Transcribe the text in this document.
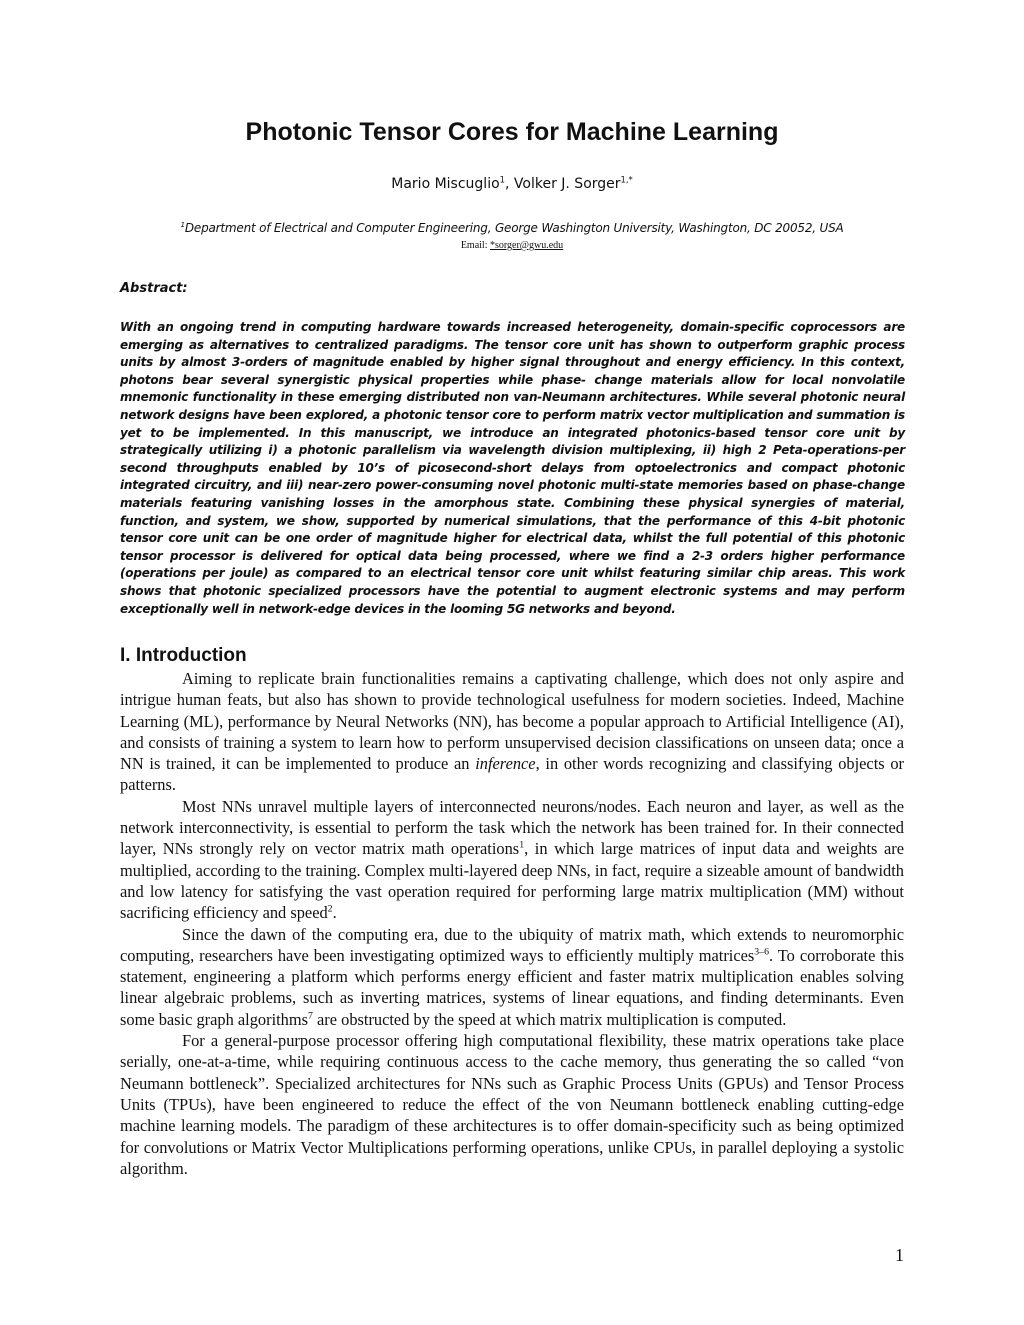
Photonic Tensor Cores for Machine Learning
Mario Miscuglio$^1$, Volker J. Sorger$^{1,*}$
$^1$Department of Electrical and Computer Engineering, George Washington University, Washington, DC 20052, USA
Email: *sorger@gwu.edu
Abstract:

With an ongoing trend in computing hardware towards increased heterogeneity, domain-specific coprocessors are emerging as alternatives to centralized paradigms. The tensor core unit has shown to outperform graphic process units by almost 3-orders of magnitude enabled by higher signal throughout and energy efficiency. In this context, photons bear several synergistic physical properties while phase- change materials allow for local nonvolatile mnemonic functionality in these emerging distributed non van-Neumann architectures. While several photonic neural network designs have been explored, a photonic tensor core to perform matrix vector multiplication and summation is yet to be implemented. In this manuscript, we introduce an integrated photonics-based tensor core unit by strategically utilizing i) a photonic parallelism via wavelength division multiplexing, ii) high 2 Peta-operations-per second throughputs enabled by 10’s of picosecond-short delays from optoelectronics and compact photonic integrated circuitry, and iii) near-zero power-consuming novel photonic multi-state memories based on phase-change materials featuring vanishing losses in the amorphous state. Combining these physical synergies of material, function, and system, we show, supported by numerical simulations, that the performance of this 4-bit photonic tensor core unit can be one order of magnitude higher for electrical data, whilst the full potential of this photonic tensor processor is delivered for optical data being processed, where we find a 2-3 orders higher performance (operations per joule) as compared to an electrical tensor core unit whilst featuring similar chip areas. This work shows that photonic specialized processors have the potential to augment electronic systems and may perform exceptionally well in network-edge devices in the looming 5G networks and beyond.

I. Introduction

Aiming to replicate brain functionalities remains a captivating challenge, which does not only aspire and intrigue human feats, but also has shown to provide technological usefulness for modern societies. Indeed, Machine Learning (ML), performance by Neural Networks (NN), has become a popular approach to Artificial Intelligence (AI), and consists of training a system to learn how to perform unsupervised decision classifications on unseen data; once a NN is trained, it can be implemented to produce an inference, in other words recognizing and classifying objects or patterns.

Most NNs unravel multiple layers of interconnected neurons/nodes. Each neuron and layer, as well as the network interconnectivity, is essential to perform the task which the network has been trained for. In their connected layer, NNs strongly rely on vector matrix math operations$^1$, in which large matrices of input data and weights are multiplied, according to the training. Complex multi-layered deep NNs, in fact, require a sizeable amount of bandwidth and low latency for satisfying the vast operation required for performing large matrix multiplication (MM) without sacrificing efficiency and speed$^2$.

Since the dawn of the computing era, due to the ubiquity of matrix math, which extends to neuromorphic computing, researchers have been investigating optimized ways to efficiently multiply matrices$^{3-6}$. To corroborate this statement, engineering a platform which performs energy efficient and faster matrix multiplication enables solving linear algebraic problems, such as inverting matrices, systems of linear equations, and finding determinants. Even some basic graph algorithms$^7$ are obstructed by the speed at which matrix multiplication is computed.

For a general-purpose processor offering high computational flexibility, these matrix operations take place serially, one-at-a-time, while requiring continuous access to the cache memory, thus generating the so called “von Neumann bottleneck”. Specialized architectures for NNs such as Graphic Process Units (GPUs) and Tensor Process Units (TPUs), have been engineered to reduce the effect of the von Neumann bottleneck enabling cutting-edge machine learning models. The paradigm of these architectures is to offer domain-specificity such as being optimized for convolutions or Matrix Vector Multiplications performing operations, unlike CPUs, in parallel deploying a systolic algorithm.

1
